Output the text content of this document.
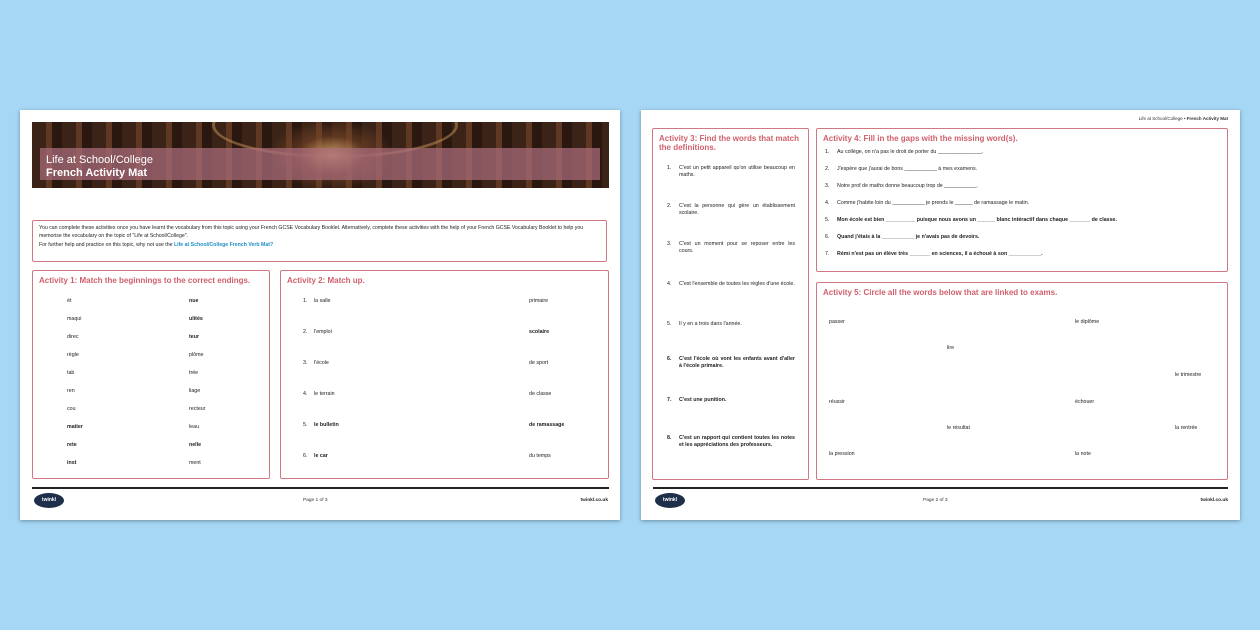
Life at School/College
French Activity Mat

You can complete these activities once you have learnt the vocabulary from this topic using your French GCSE Vocabulary Booklet. Alternatively, complete these activities with the help of your French GCSE Vocabulary Booklet to help you memorise the vocabulary on the topic of "Life at School/College".

For further help and practice on this topic, why not use the Life at School/College French Verb Mat?

Activity 1: Match the beginnings to the correct endings.
ét	nue
maqui	ulités
direc	teur
règle	plôme
tab	trée
ren	liage
cou	recteur
matier	leau
rete	nelle
inst	ment
Activity 2: Match up.
1. la salle	primaire
2. l'emploi	scolaire
3. l'école	de sport
4. le terrain	de classe
5. le bulletin	de ramassage
6. le car	du temps
twinkl	Page 1 of 3	twinkl.co.uk
Life at School/College • French Activity Mat
Activity 3: Find the words that match the definitions.
1. C'est un petit appareil qu'on utilise beaucoup en maths.
2. C'est la personne qui gère un établissement scolaire.
3. C'est un moment pour se reposer entre les cours.
4. C'est l'ensemble de toutes les règles d'une école.
5. Il y en a trois dans l'année.
6. C'est l'école où vont les enfants avant d'aller à l'école primaire.
7. C'est une punition.
8. C'est un rapport qui contient toutes les notes et les appréciations des professeurs.
Activity 4: Fill in the gaps with the missing word(s).
1. Au collège, on n'a pas le droit de porter du _______________.
2. J'espère que j'aurai de bons ___________ à mes examens.
3. Notre prof de maths donne beaucoup trop de ___________.
4. Comme j'habite loin du ___________ je prends le ______ de ramassage le matin.
5. Mon école est bien __________ puisque nous avons un ______ blanc intéractif dans chaque _______ de classe.
6. Quand j'étais à la ___________ je n'avais pas de devoirs.
7. Rémi n'est pas un élève très _______ en sciences, il a échoué à son ___________.
Activity 5: Circle all the words below that are linked to exams.
passer	le diplôme
lire
le trimestre
réussir	échouer
le résultat	la rentrée
la pression	la note
twinkl	Page 2 of 3	twinkl.co.uk
